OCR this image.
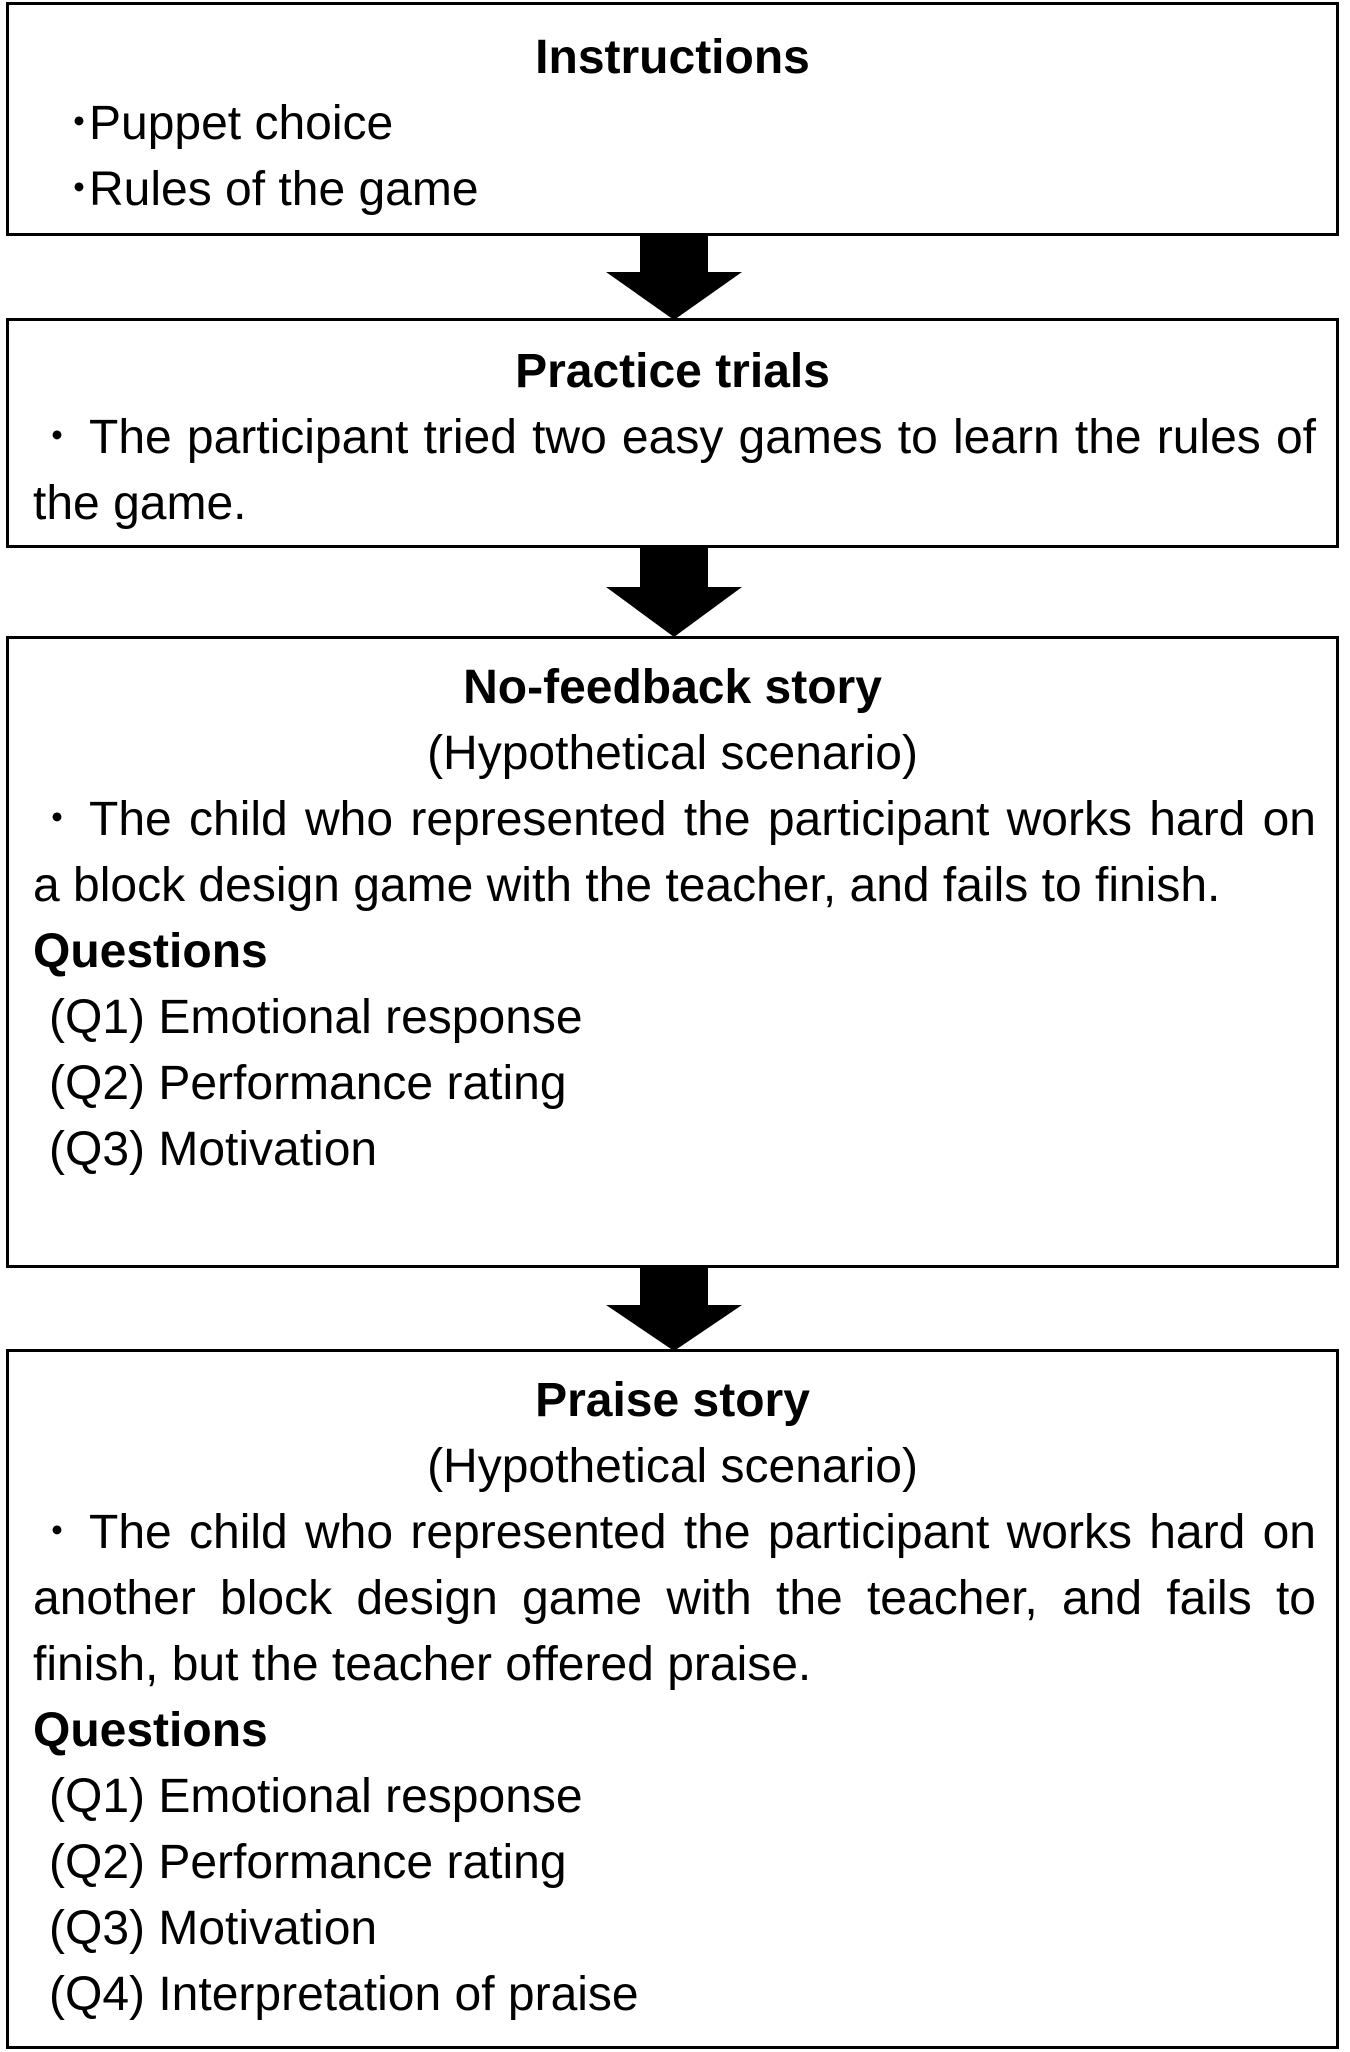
Instructions
・Puppet choice
・Rules of the game
Practice trials
・ The participant tried two easy games to learn the rules of the game.
No-feedback story
(Hypothetical scenario)
・ The child who represented the participant works hard on a block design game with the teacher, and fails to finish.
Questions
(Q1) Emotional response
(Q2) Performance rating
(Q3) Motivation
Praise story
(Hypothetical scenario)
・ The child who represented the participant works hard on another block design game with the teacher, and fails to finish, but the teacher offered praise.
Questions
(Q1) Emotional response
(Q2) Performance rating
(Q3) Motivation
(Q4) Interpretation of praise
